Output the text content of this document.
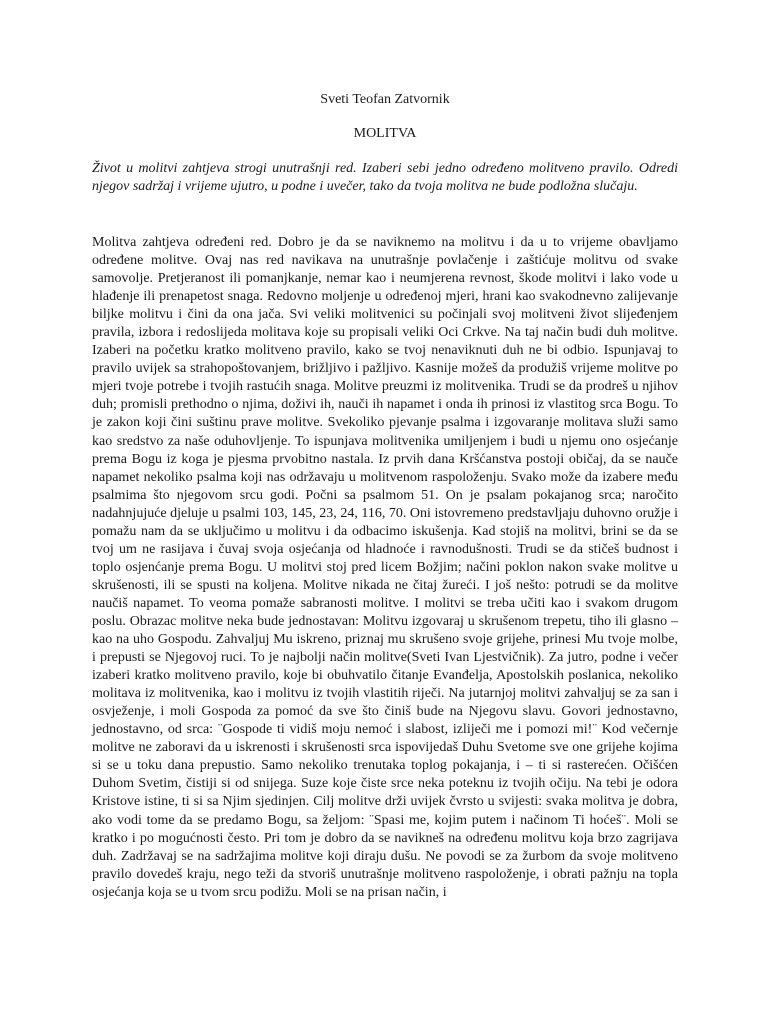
Sveti Teofan Zatvornik

MOLITVA

Život u molitvi zahtjeva strogi unutrašnji red. Izaberi sebi jedno određeno molitveno pravilo. Odredi njegov sadržaj i vrijeme ujutro, u podne i uvečer, tako da tvoja molitva ne bude podložna slučaju.

Molitva zahtjeva određeni red. Dobro je da se naviknemo na molitvu i da u to vrijeme obavljamo određene molitve. Ovaj nas red navikava na unutrašnje povlačenje i zaštićuje molitvu od svake samovolje. Pretjeranost ili pomanjkanje, nemar kao i neumjerena revnost, škode molitvi i lako vode u hlađenje ili prenapetost snaga. Redovno moljenje u određenoj mjeri, hrani kao svakodnevno zalijevanje biljke molitvu i čini da ona jača. Svi veliki molitvenici su počinjali svoj molitveni život slijeđenjem pravila, izbora i redoslijeda molitava koje su propisali veliki Oci Crkve. Na taj način budi duh molitve. Izaberi na početku kratko molitveno pravilo, kako se tvoj nenaviknuti duh ne bi odbio. Ispunjavaj to pravilo uvijek sa strahopoštovanjem, brižljivo i pažljivo. Kasnije možeš da produžiš vrijeme molitve po mjeri tvoje potrebe i tvojih rastućih snaga. Molitve preuzmi iz molitvenika. Trudi se da prodreš u njihov duh; promisli prethodno o njima, doživi ih, nauči ih napamet i onda ih prinosi iz vlastitog srca Bogu. To je zakon koji čini suštinu prave molitve. Svekoliko pjevanje psalma i izgovaranje molitava služi samo kao sredstvo za naše oduhovljenje. To ispunjava molitvenika umiljenjem i budi u njemu ono osjećanje prema Bogu iz koga je pjesma prvobitno nastala. Iz prvih dana Kršćanstva postoji običaj, da se nauče napamet nekoliko psalma koji nas održavaju u molitvenom raspoloženju. Svako može da izabere među psalmima što njegovom srcu godi. Počni sa psalmom 51. On je psalam pokajanog srca; naročito nadahnjujuće djeluje u psalmi 103, 145, 23, 24, 116, 70. Oni istovremeno predstavljaju duhovno oružje i pomažu nam da se uključimo u molitvu i da odbacimo iskušenja. Kad stojiš na molitvi, brini se da se tvoj um ne rasijava i čuvaj svoja osjećanja od hladnoće i ravnodušnosti. Trudi se da stičeš budnost i toplo osjenćanje prema Bogu. U molitvi stoj pred licem Božjim; načini poklon nakon svake molitve u skrušenosti, ili se spusti na koljena. Molitve nikada ne čitaj žureći. I još nešto: potrudi se da molitve naučiš napamet. To veoma pomaže sabranosti molitve. I molitvi se treba učiti kao i svakom drugom poslu. Obrazac molitve neka bude jednostavan: Molitvu izgovaraj u skrušenom trepetu, tiho ili glasno – kao na uho Gospodu. Zahvaljuj Mu iskreno, priznaj mu skrušeno svoje grijehe, prinesi Mu tvoje molbe, i prepusti se Njegovoj ruci. To je najbolji način molitve(Sveti Ivan Ljestvičnik). Za jutro, podne i večer izaberi kratko molitveno pravilo, koje bi obuhvatilo čitanje Evanđelja, Apostolskih poslanica, nekoliko molitava iz molitvenika, kao i molitvu iz tvojih vlastitih riječi. Na jutarnjoj molitvi zahvaljuj se za san i osvježenje, i moli Gospoda za pomoć da sve što činiš bude na Njegovu slavu. Govori jednostavno, jednostavno, od srca: ¨Gospode ti vidiš moju nemoć i slabost, izliječi me i pomozi mi!¨ Kod večernje molitve ne zaboravi da u iskrenosti i skrušenosti srca ispovijedaš Duhu Svetome sve one grijehe kojima si se u toku dana prepustio. Samo nekoliko trenutaka toplog pokajanja, i – ti si rasterećen. Očišćen Duhom Svetim, čistiji si od snijega. Suze koje čiste srce neka poteknu iz tvojih očiju. Na tebi je odora Kristove istine, ti si sa Njim sjedinjen. Cilj molitve drži uvijek čvrsto u svijesti: svaka molitva je dobra, ako vodi tome da se predamo Bogu, sa željom: ¨Spasi me, kojim putem i načinom Ti hoćeš¨. Moli se kratko i po mogućnosti često. Pri tom je dobro da se navikneš na određenu molitvu koja brzo zagrijava duh. Zadržavaj se na sadržajima molitve koji diraju dušu. Ne povodi se za žurbom da svoje molitveno pravilo dovedeš kraju, nego teži da stvoriš unutrašnje molitveno raspoloženje, i obrati pažnju na topla osjećanja koja se u tvom srcu podižu. Moli se na prisan način, i
